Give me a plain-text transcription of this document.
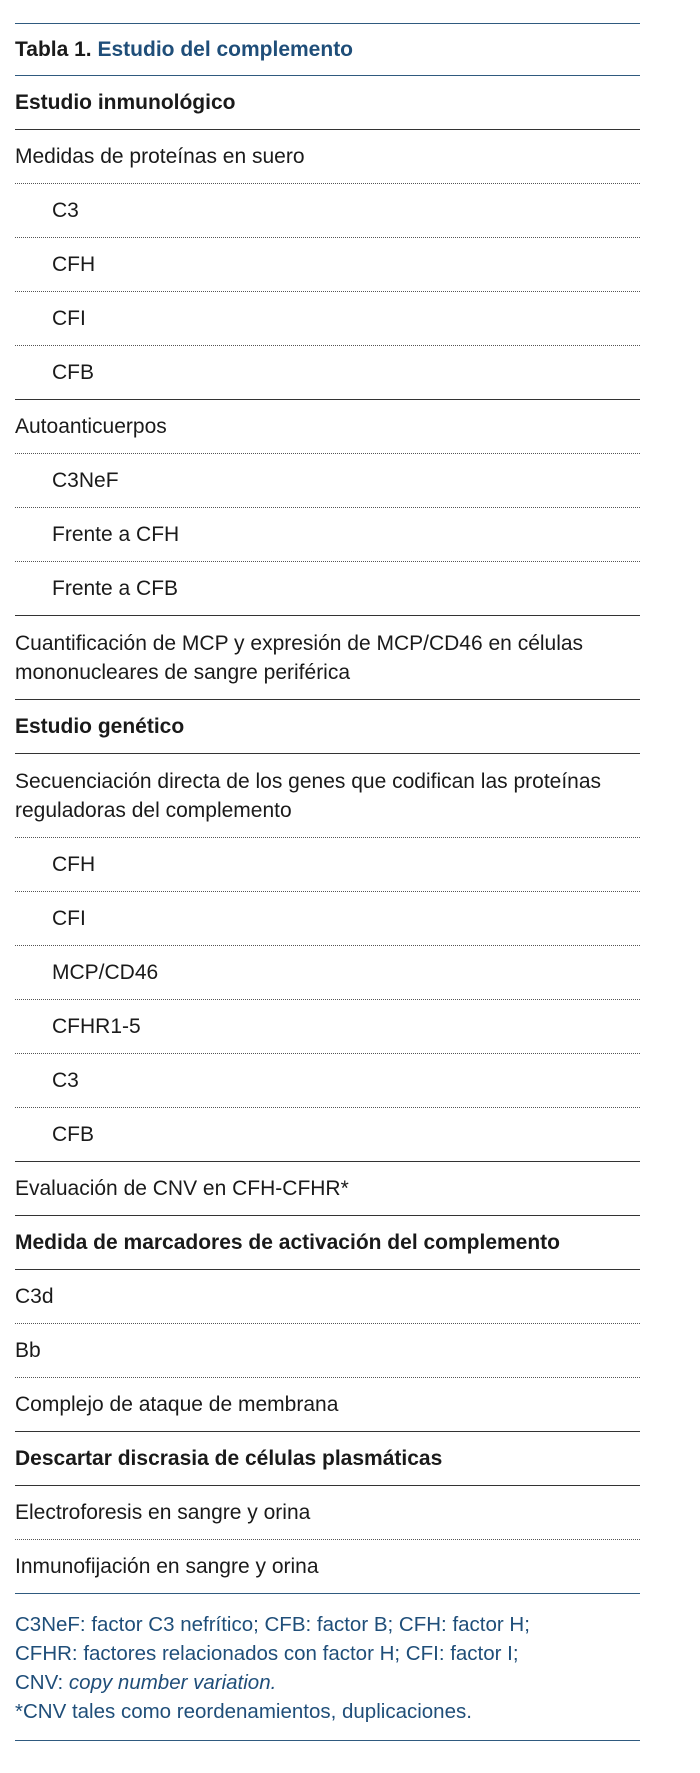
Tabla 1. Estudio del complemento
Estudio inmunológico
Medidas de proteínas en suero
C3
CFH
CFI
CFB
Autoanticuerpos
C3NeF
Frente a CFH
Frente a CFB
Cuantificación de MCP y expresión de MCP/CD46 en células mononucleares de sangre periférica
Estudio genético
Secuenciación directa de los genes que codifican las proteínas reguladoras del complemento
CFH
CFI
MCP/CD46
CFHR1-5
C3
CFB
Evaluación de CNV en CFH-CFHR*
Medida de marcadores de activación del complemento
C3d
Bb
Complejo de ataque de membrana
Descartar discrasia de células plasmáticas
Electroforesis en sangre y orina
Inmunofijación en sangre y orina
C3NeF: factor C3 nefrítico; CFB: factor B; CFH: factor H;
CFHR: factores relacionados con factor H; CFI: factor I;
CNV: copy number variation.
*CNV tales como reordenamientos, duplicaciones.
